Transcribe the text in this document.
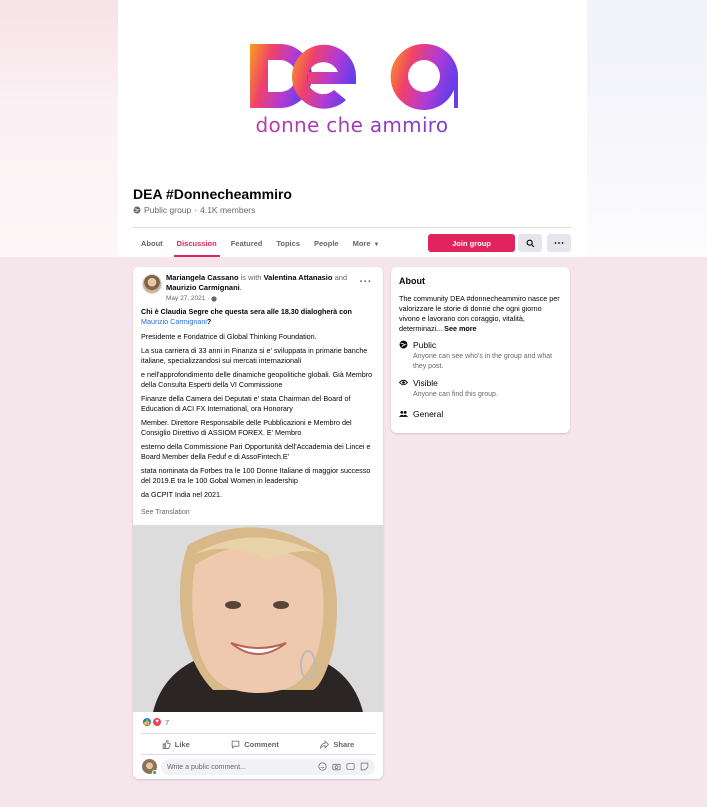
DEA
donne che ammiro
DEA #Donnecheammiro
Public group · 4.1K members
About	Discussion	Featured	Topics	People	More ▼	Join group
Mariangela Cassano is with Valentina Attanasio and Maurizio Carmignani.
May 27, 2021 ·
···

Chi è Claudia Segre che questa sera alle 18.30 dialogherà con Maurizio Carmignani?

Presidente e Fondatrice di Global Thinking Foundation.

La sua carriera di 33 anni in Finanza si e' sviluppata in primarie banche italiane, specializzandosi sui mercati internazionali

e nell'approfondimento delle dinamiche geopolitiche globali. Già Membro della Consulta Esperti della VI Commissione

Finanze della Camera dei Deputati e' stata Chairman del Board of Education di ACI FX International, ora Honorary

Member. Direttore Responsabile delle Pubblicazioni e Membro del Consiglio Direttivo di ASSIOM FOREX. E' Membro

esterno della Commissione Pari Opportunità dell'Accademia dei Lincei e Board Member della Feduf e di AssoFintech.E'

stata nominata da Forbes tra le 100 Donne Italiane di maggior successo del 2019.E tra le 100 Gobal Women in leadership

da GCPIT India nel 2021.

See Translation
👍 ♥ 7
Like	Comment	Share
Write a public comment...
About
The community DEA #donnecheammiro nasce per valorizzare le storie di donne che ogni giorno vivono e lavorano con coraggio, vitalità, determinazi... See more
Public
Anyone can see who's in the group and what they post.
Visible
Anyone can find this group.
General
